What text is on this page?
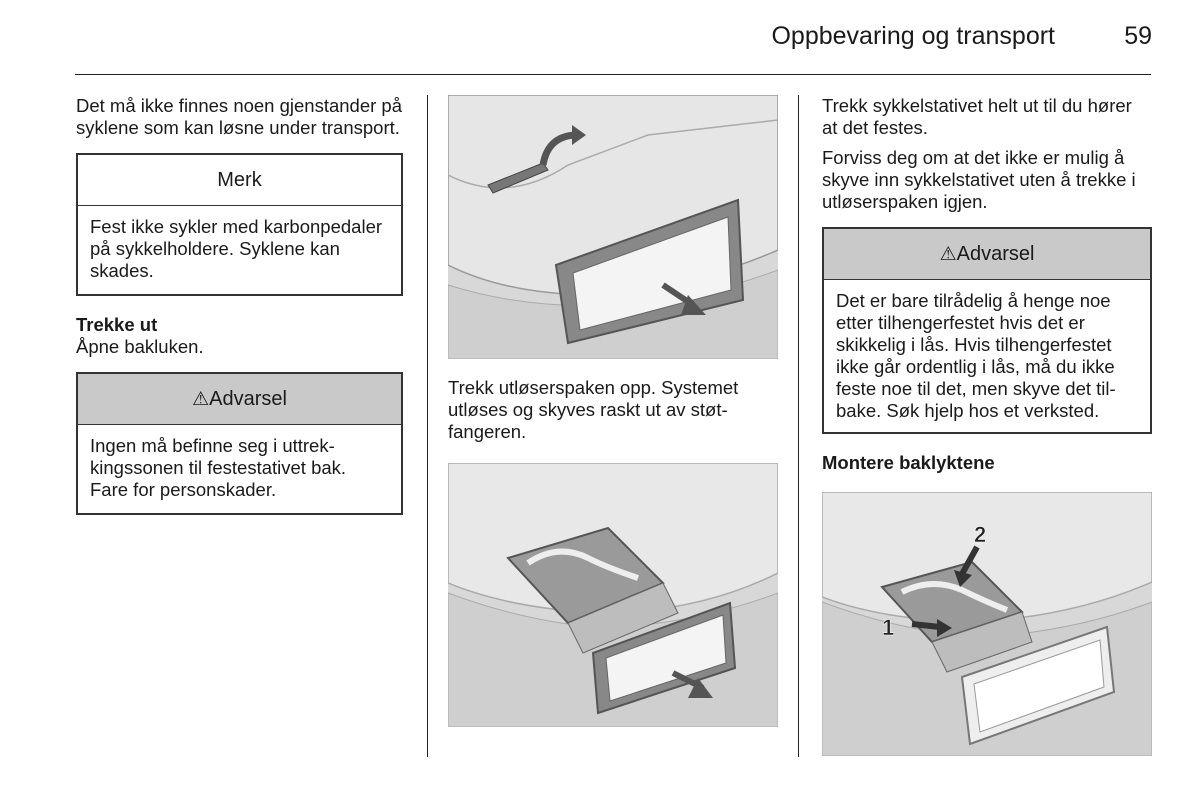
Oppbevaring og transport	59

Det må ikke finnes noen gjenstander på syklene som kan løsne under transport.

Merk
Fest ikke sykler med karbonpedaler på sykkelholdere. Syklene kan skades.
Trekke ut

Åpne bakluken.

⚠Advarsel
Ingen må befinne seg i uttrekkingssonen til festestativet bak. Fare for personskader.

Trekk utløserspaken opp. Systemet utløses og skyves raskt ut av støtfangeren.

Trekk sykkelstativet helt ut til du hører at det festes.

Forviss deg om at det ikke er mulig å skyve inn sykkelstativet uten å trekke i utløserspaken igjen.

⚠Advarsel
Det er bare tilrådelig å henge noe etter tilhengerfestet hvis det er skikkelig i lås. Hvis tilhengerfestet ikke går ordentlig i lås, må du ikke feste noe til det, men skyve det tilbake. Søk hjelp hos et verksted.
Montere baklyktene
1
2
